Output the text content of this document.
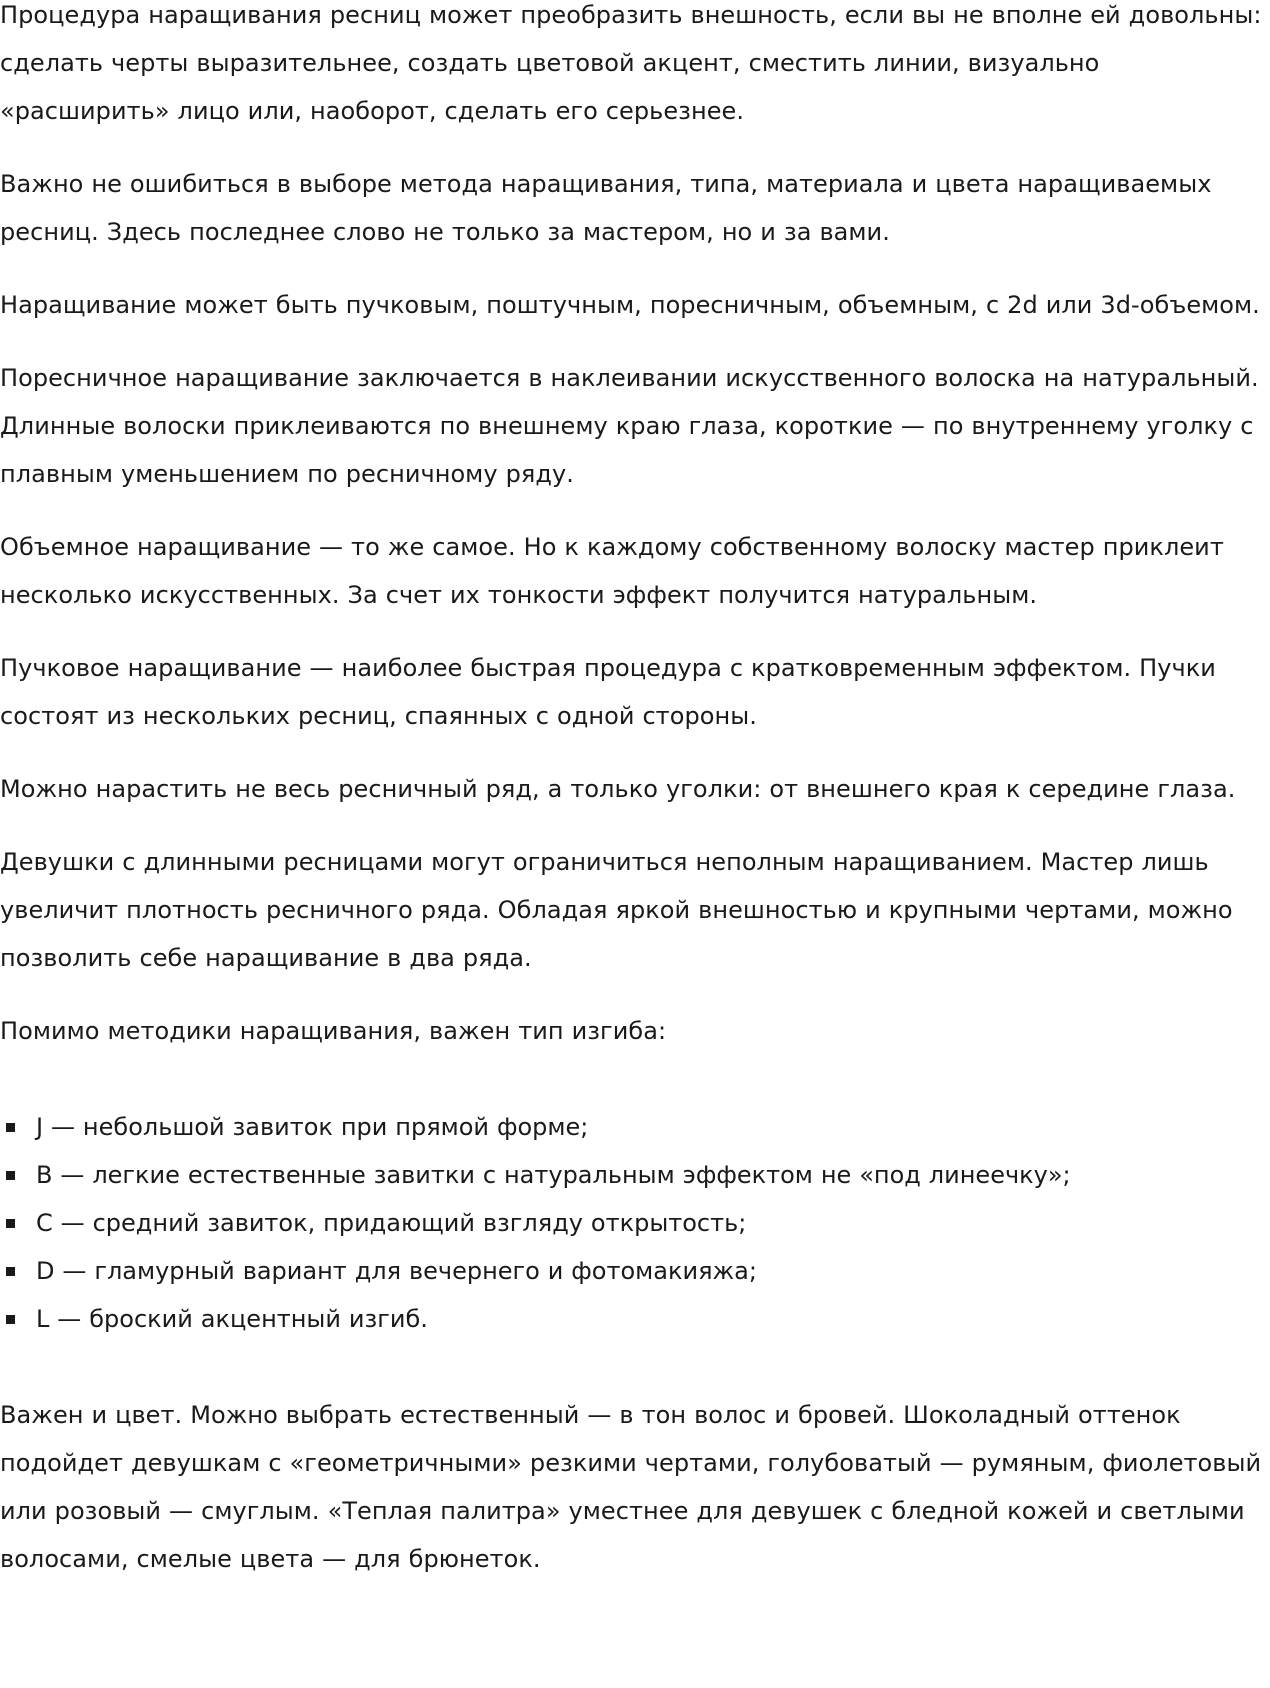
Процедура наращивания ресниц может преобразить внешность, если вы не вполне ей довольны: сделать черты выразительнее, создать цветовой акцент, сместить линии, визуально «расширить» лицо или, наоборот, сделать его серьезнее.

Важно не ошибиться в выборе метода наращивания, типа, материала и цвета наращиваемых ресниц. Здесь последнее слово не только за мастером, но и за вами.

Наращивание может быть пучковым, поштучным, поресничным, объемным, с 2d или 3d-объемом.

Поресничное наращивание заключается в наклеивании искусственного волоска на натуральный. Длинные волоски приклеиваются по внешнему краю глаза, короткие — по внутреннему уголку с плавным уменьшением по ресничному ряду.

Объемное наращивание — то же самое. Но к каждому собственному волоску мастер приклеит несколько искусственных. За счет их тонкости эффект получится натуральным.

Пучковое наращивание — наиболее быстрая процедура с кратковременным эффектом. Пучки состоят из нескольких ресниц, спаянных с одной стороны.

Можно нарастить не весь ресничный ряд, а только уголки: от внешнего края к середине глаза.

Девушки с длинными ресницами могут ограничиться неполным наращиванием. Мастер лишь увеличит плотность ресничного ряда. Обладая яркой внешностью и крупными чертами, можно позволить себе наращивание в два ряда.

Помимо методики наращивания, важен тип изгиба:

J — небольшой завиток при прямой форме;
B — легкие естественные завитки с натуральным эффектом не «под линеечку»;
C — средний завиток, придающий взгляду открытость;
D — гламурный вариант для вечернего и фотомакияжа;
L — броский акцентный изгиб.

Важен и цвет. Можно выбрать естественный — в тон волос и бровей. Шоколадный оттенок подойдет девушкам с «геометричными» резкими чертами, голубоватый — румяным, фиолетовый или розовый — смуглым. «Теплая палитра» уместнее для девушек с бледной кожей и светлыми волосами, смелые цвета — для брюнеток.
